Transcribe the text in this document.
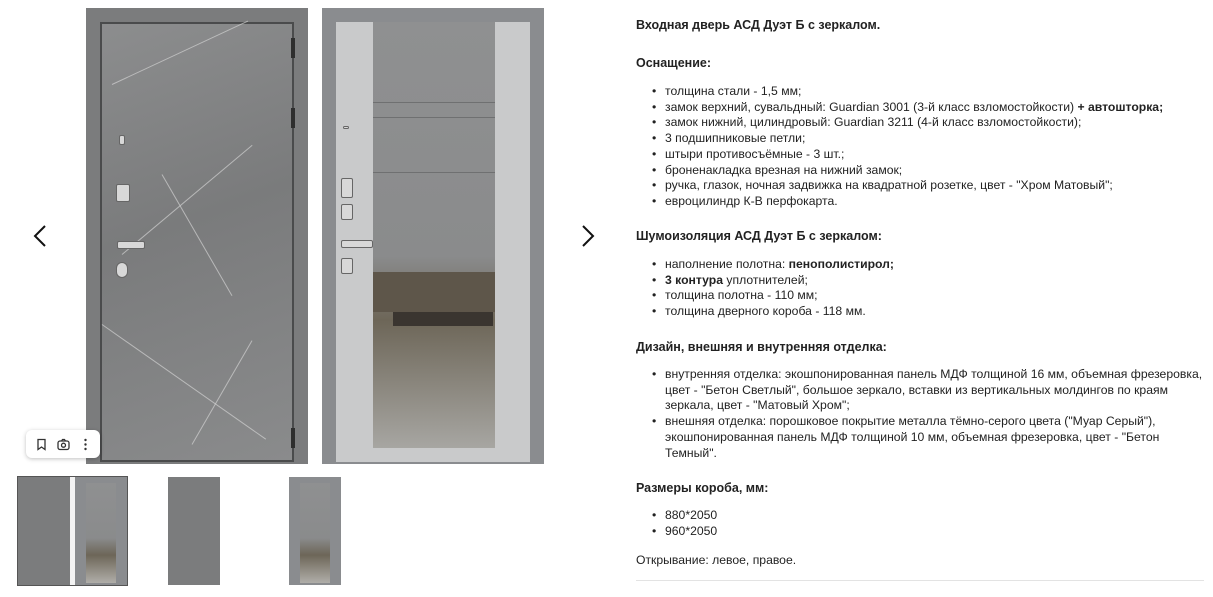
Входная дверь АСД Дуэт Б с зеркалом.
Оснащение:
• толщина стали - 1,5 мм;
• замок верхний, сувальдный: Guardian 3001 (3-й класс взломостойкости) + автошторка;
• замок нижний, цилиндровый: Guardian 3211 (4-й класс взломостойкости);
• 3 подшипниковые петли;
• штыри противосъёмные - 3 шт.;
• броненакладка врезная на нижний замок;
• ручка, глазок, ночная задвижка на квадратной розетке, цвет - "Хром Матовый";
• евроцилиндр К-В перфокарта.
Шумоизоляция АСД Дуэт Б с зеркалом:
• наполнение полотна: пенополистирол;
• 3 контура уплотнителей;
• толщина полотна - 110 мм;
• толщина дверного короба - 118 мм.
Дизайн, внешняя и внутренняя отделка:
• внутренняя отделка: экошпонированная панель МДФ толщиной 16 мм, объемная фрезеровка, цвет - "Бетон Светлый", большое зеркало, вставки из вертикальных молдингов по краям зеркала, цвет - "Матовый Хром";
• внешняя отделка: порошковое покрытие металла тёмно-серого цвета ("Муар Серый"), экошпонированная панель МДФ толщиной 10 мм, объемная фрезеровка, цвет - "Бетон Темный".
Размеры короба, мм:
• 880*2050
• 960*2050
Открывание: левое, правое.
